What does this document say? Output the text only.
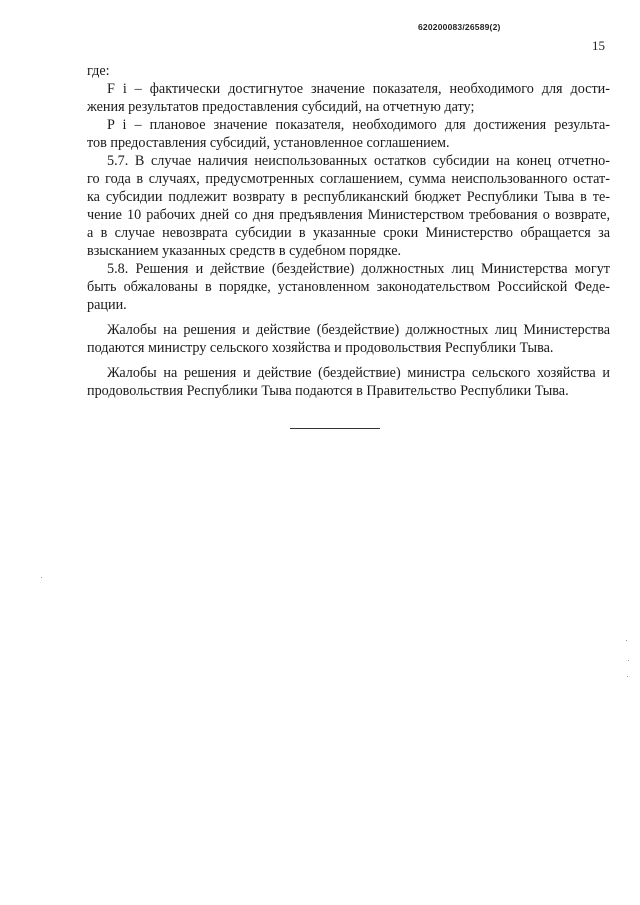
620200083/26589(2)
15

где:

F i – фактически достигнутое значение показателя, необходимого для дости-
жения результатов предоставления субсидий, на отчетную дату;

P i – плановое значение показателя, необходимого для достижения результа-
тов предоставления субсидий, установленное соглашением.

5.7. В случае наличия неиспользованных остатков субсидии на конец отчетно-
го года в случаях, предусмотренных соглашением, сумма неиспользованного остат-
ка субсидии подлежит возврату в республиканский бюджет Республики Тыва в те-
чение 10 рабочих дней со дня предъявления Министерством требования о возврате,
а в случае невозврата субсидии в указанные сроки Министерство обращается за
взысканием указанных средств в судебном порядке.

5.8. Решения и действие (бездействие) должностных лиц Министерства могут
быть обжалованы в порядке, установленном законодательством Российской Феде-
рации.

Жалобы на решения и действие (бездействие) должностных лиц Министерства
подаются министру сельского хозяйства и продовольствия Республики Тыва.

Жалобы на решения и действие (бездействие) министра сельского хозяйства и
продовольствия Республики Тыва подаются в Правительство Республики Тыва.
